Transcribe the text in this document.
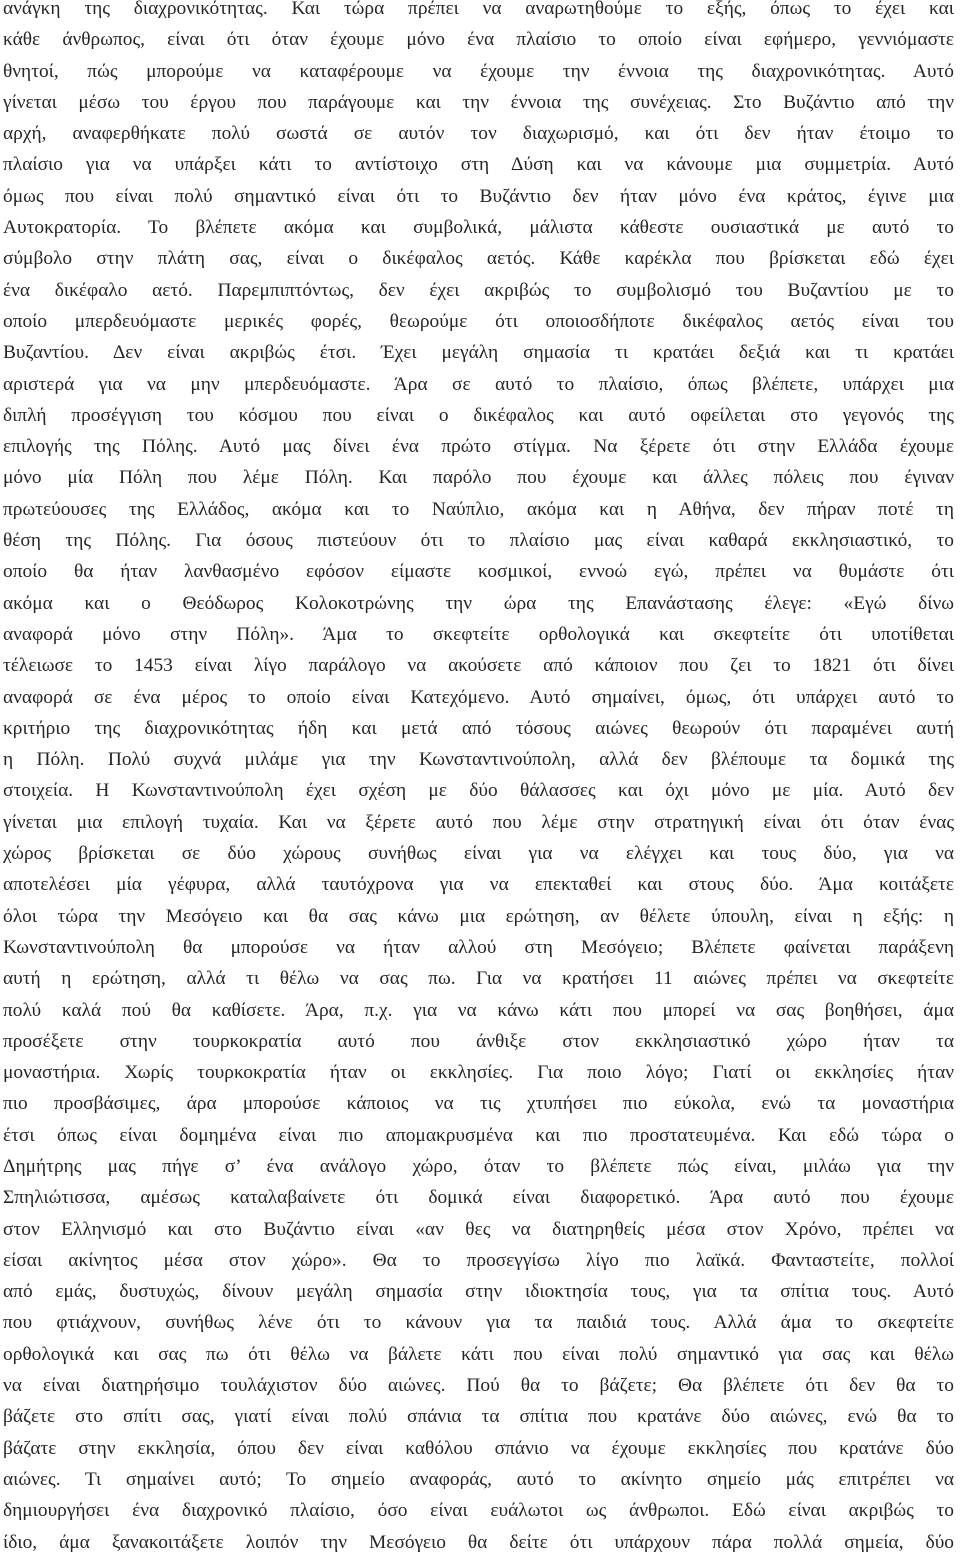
ανάγκη της διαχρονικότητας. Και τώρα πρέπει να αναρωτηθούμε το εξής, όπως το έχει και
κάθε άνθρωπος, είναι ότι όταν έχουμε μόνο ένα πλαίσιο το οποίο είναι εφήμερο, γεννιόμαστε
θνητοί, πώς μπορούμε να καταφέρουμε να έχουμε την έννοια της διαχρονικότητας. Αυτό
γίνεται μέσω του έργου που παράγουμε και την έννοια της συνέχειας. Στο Βυζάντιο από την
αρχή, αναφερθήκατε πολύ σωστά σε αυτόν τον διαχωρισμό, και ότι δεν ήταν έτοιμο το
πλαίσιο για να υπάρξει κάτι το αντίστοιχο στη Δύση και να κάνουμε μια συμμετρία. Αυτό
όμως που είναι πολύ σημαντικό είναι ότι το Βυζάντιο δεν ήταν μόνο ένα κράτος, έγινε μια
Αυτοκρατορία. Το βλέπετε ακόμα και συμβολικά, μάλιστα κάθεστε ουσιαστικά με αυτό το
σύμβολο στην πλάτη σας, είναι ο δικέφαλος αετός. Κάθε καρέκλα που βρίσκεται εδώ έχει
ένα δικέφαλο αετό. Παρεμπιπτόντως, δεν έχει ακριβώς το συμβολισμό του Βυζαντίου με το
οποίο μπερδευόμαστε μερικές φορές, θεωρούμε ότι οποιοσδήποτε δικέφαλος αετός είναι του
Βυζαντίου. Δεν είναι ακριβώς έτσι. Έχει μεγάλη σημασία τι κρατάει δεξιά και τι κρατάει
αριστερά για να μην μπερδευόμαστε. Άρα σε αυτό το πλαίσιο, όπως βλέπετε, υπάρχει μια
διπλή προσέγγιση του κόσμου που είναι ο δικέφαλος και αυτό οφείλεται στο γεγονός της
επιλογής της Πόλης. Αυτό μας δίνει ένα πρώτο στίγμα. Να ξέρετε ότι στην Ελλάδα έχουμε
μόνο μία Πόλη που λέμε Πόλη. Και παρόλο που έχουμε και άλλες πόλεις που έγιναν
πρωτεύουσες της Ελλάδος, ακόμα και το Ναύπλιο, ακόμα και η Αθήνα, δεν πήραν ποτέ τη
θέση της Πόλης. Για όσους πιστεύουν ότι το πλαίσιο μας είναι καθαρά εκκλησιαστικό, το
οποίο θα ήταν λανθασμένο εφόσον είμαστε κοσμικοί, εννοώ εγώ, πρέπει να θυμάστε ότι
ακόμα και ο Θεόδωρος Κολοκοτρώνης την ώρα της Επανάστασης έλεγε: «Εγώ δίνω
αναφορά μόνο στην Πόλη». Άμα το σκεφτείτε ορθολογικά και σκεφτείτε ότι υποτίθεται
τέλειωσε το 1453 είναι λίγο παράλογο να ακούσετε από κάποιον που ζει το 1821 ότι δίνει
αναφορά σε ένα μέρος το οποίο είναι Κατεχόμενο. Αυτό σημαίνει, όμως, ότι υπάρχει αυτό το
κριτήριο της διαχρονικότητας ήδη και μετά από τόσους αιώνες θεωρούν ότι παραμένει αυτή
η Πόλη. Πολύ συχνά μιλάμε για την Κωνσταντινούπολη, αλλά δεν βλέπουμε τα δομικά της
στοιχεία. Η Κωνσταντινούπολη έχει σχέση με δύο θάλασσες και όχι μόνο με μία. Αυτό δεν
γίνεται μια επιλογή τυχαία. Και να ξέρετε αυτό που λέμε στην στρατηγική είναι ότι όταν ένας
χώρος βρίσκεται σε δύο χώρους συνήθως είναι για να ελέγχει και τους δύο, για να
αποτελέσει μία γέφυρα, αλλά ταυτόχρονα για να επεκταθεί και στους δύο. Άμα κοιτάξετε
όλοι τώρα την Μεσόγειο και θα σας κάνω μια ερώτηση, αν θέλετε ύπουλη, είναι η εξής: η
Κωνσταντινούπολη θα μπορούσε να ήταν αλλού στη Μεσόγειο; Βλέπετε φαίνεται παράξενη
αυτή η ερώτηση, αλλά τι θέλω να σας πω. Για να κρατήσει 11 αιώνες πρέπει να σκεφτείτε
πολύ καλά πού θα καθίσετε. Άρα, π.χ. για να κάνω κάτι που μπορεί να σας βοηθήσει, άμα
προσέξετε στην τουρκοκρατία αυτό που άνθιξε στον εκκλησιαστικό χώρο ήταν τα
μοναστήρια. Χωρίς τουρκοκρατία ήταν οι εκκλησίες. Για ποιο λόγο; Γιατί οι εκκλησίες ήταν
πιο προσβάσιμες, άρα μπορούσε κάποιος να τις χτυπήσει πιο εύκολα, ενώ τα μοναστήρια
έτσι όπως είναι δομημένα είναι πιο απομακρυσμένα και πιο προστατευμένα. Και εδώ τώρα ο
Δημήτρης μας πήγε σ’ ένα ανάλογο χώρο, όταν το βλέπετε πώς είναι, μιλάω για την
Σπηλιώτισσα, αμέσως καταλαβαίνετε ότι δομικά είναι διαφορετικό. Άρα αυτό που έχουμε
στον Ελληνισμό και στο Βυζάντιο είναι «αν θες να διατηρηθείς μέσα στον Χρόνο, πρέπει να
είσαι ακίνητος μέσα στον χώρο». Θα το προσεγγίσω λίγο πιο λαϊκά. Φανταστείτε, πολλοί
από εμάς, δυστυχώς, δίνουν μεγάλη σημασία στην ιδιοκτησία τους, για τα σπίτια τους. Αυτό
που φτιάχνουν, συνήθως λένε ότι το κάνουν για τα παιδιά τους. Αλλά άμα το σκεφτείτε
ορθολογικά και σας πω ότι θέλω να βάλετε κάτι που είναι πολύ σημαντικό για σας και θέλω
να είναι διατηρήσιμο τουλάχιστον δύο αιώνες. Πού θα το βάζετε; Θα βλέπετε ότι δεν θα το
βάζετε στο σπίτι σας, γιατί είναι πολύ σπάνια τα σπίτια που κρατάνε δύο αιώνες, ενώ θα το
βάζατε στην εκκλησία, όπου δεν είναι καθόλου σπάνιο να έχουμε εκκλησίες που κρατάνε δύο
αιώνες. Τι σημαίνει αυτό; Το σημείο αναφοράς, αυτό το ακίνητο σημείο μάς επιτρέπει να
δημιουργήσει ένα διαχρονικό πλαίσιο, όσο είναι ευάλωτοι ως άνθρωποι. Εδώ είναι ακριβώς το
ίδιο, άμα ξανακοιτάξετε λοιπόν την Μεσόγειο θα δείτε ότι υπάρχουν πάρα πολλά σημεία, δύο
